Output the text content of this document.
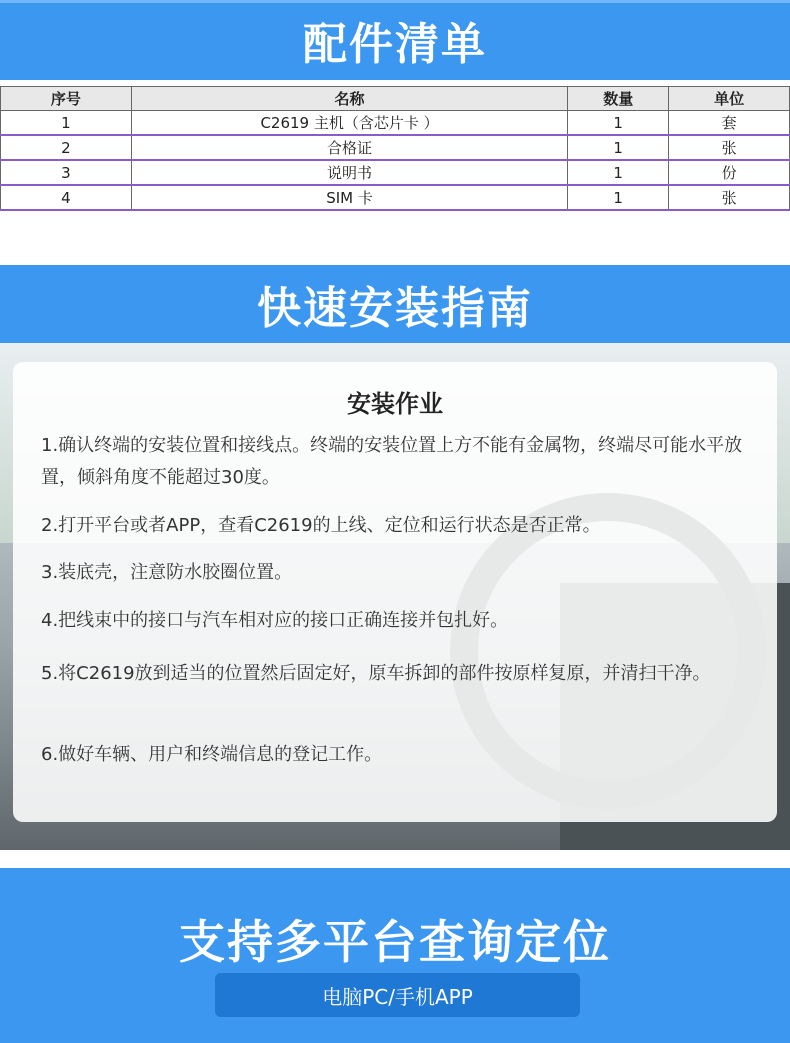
配件清单
序号	名称	数量	单位
1	C2619 主机（含芯片卡 ）	1	套
2	合格证	1	张
3	说明书	1	份
4	SIM 卡	1	张
快速安装指南
安装作业

1.确认终端的安装位置和接线点。终端的安装位置上方不能有金属物，终端尽可能水平放置，倾斜角度不能超过30度。

2.打开平台或者APP，查看C2619的上线、定位和运行状态是否正常。

3.装底壳，注意防水胶圈位置。

4.把线束中的接口与汽车相对应的接口正确连接并包扎好。

5.将C2619放到适当的位置然后固定好，原车拆卸的部件按原样复原，并清扫干净。

6.做好车辆、用户和终端信息的登记工作。

支持多平台查询定位
电脑PC/手机APP
